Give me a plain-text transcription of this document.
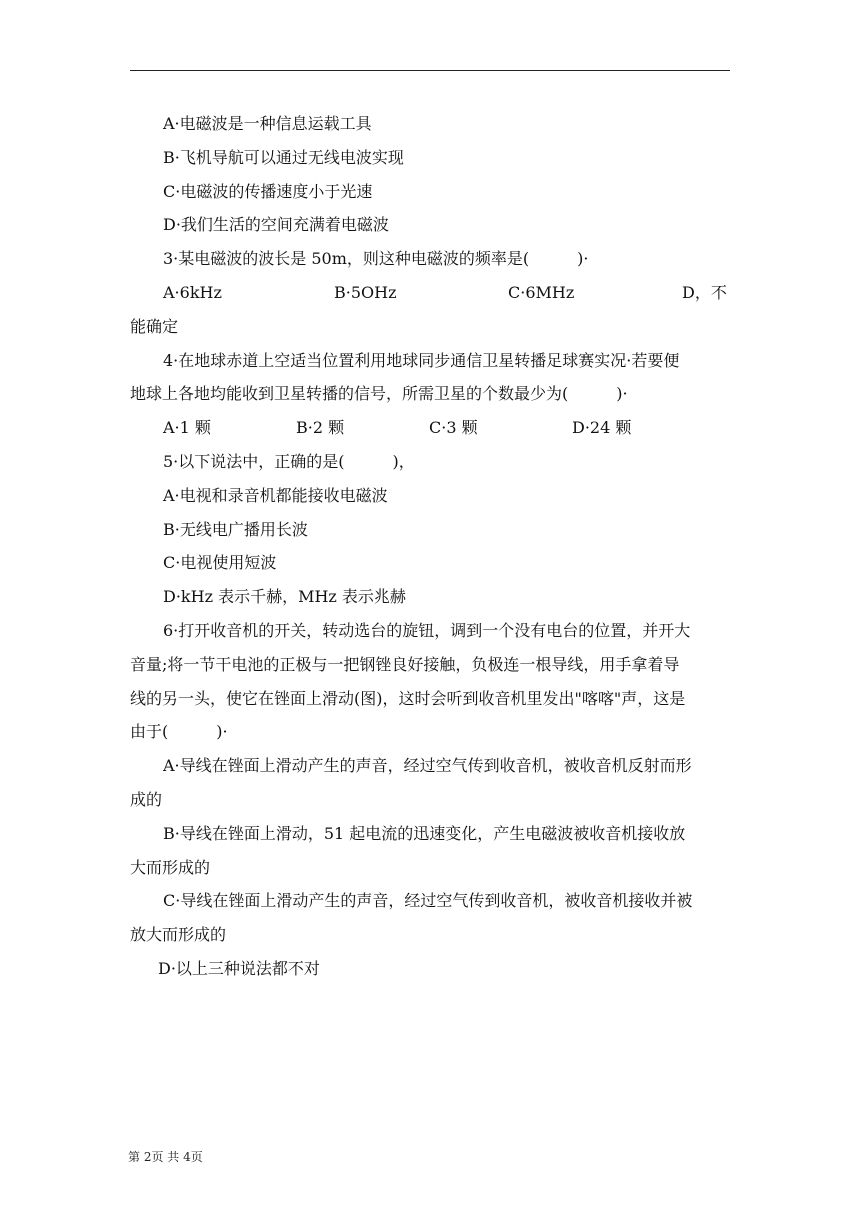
A·电磁波是一种信息运载工具
B·飞机导航可以通过无线电波实现
C·电磁波的传播速度小于光速
D·我们生活的空间充满着电磁波
3·某电磁波的波长是 50m，则这种电磁波的频率是(　　　)·
A·6kHz	B·5OHz	C·6MHz	D，不
能确定
4·在地球赤道上空适当位置利用地球同步通信卫星转播足球赛实况·若要便
地球上各地均能收到卫星转播的信号，所需卫星的个数最少为(　　　)·
A·1 颗	B·2 颗	C·3 颗	D·24 颗
5·以下说法中，正确的是(　　　)，
A·电视和录音机都能接收电磁波
B·无线电广播用长波
C·电视使用短波
D·kHz 表示千赫，MHz 表示兆赫
6·打开收音机的开关，转动选台的旋钮，调到一个没有电台的位置，并开大
音量;将一节干电池的正极与一把钢锉良好接触，负极连一根导线，用手拿着导
线的另一头，使它在锉面上滑动(图)，这时会听到收音机里发出"喀喀"声，这是
由于(　　　)·
A·导线在锉面上滑动产生的声音，经过空气传到收音机，被收音机反射而形
成的
B·导线在锉面上滑动，51 起电流的迅速变化，产生电磁波被收音机接收放
大而形成的
C·导线在锉面上滑动产生的声音，经过空气传到收音机，被收音机接收并被
放大而形成的
D·以上三种说法都不对
第 2页 共 4页
